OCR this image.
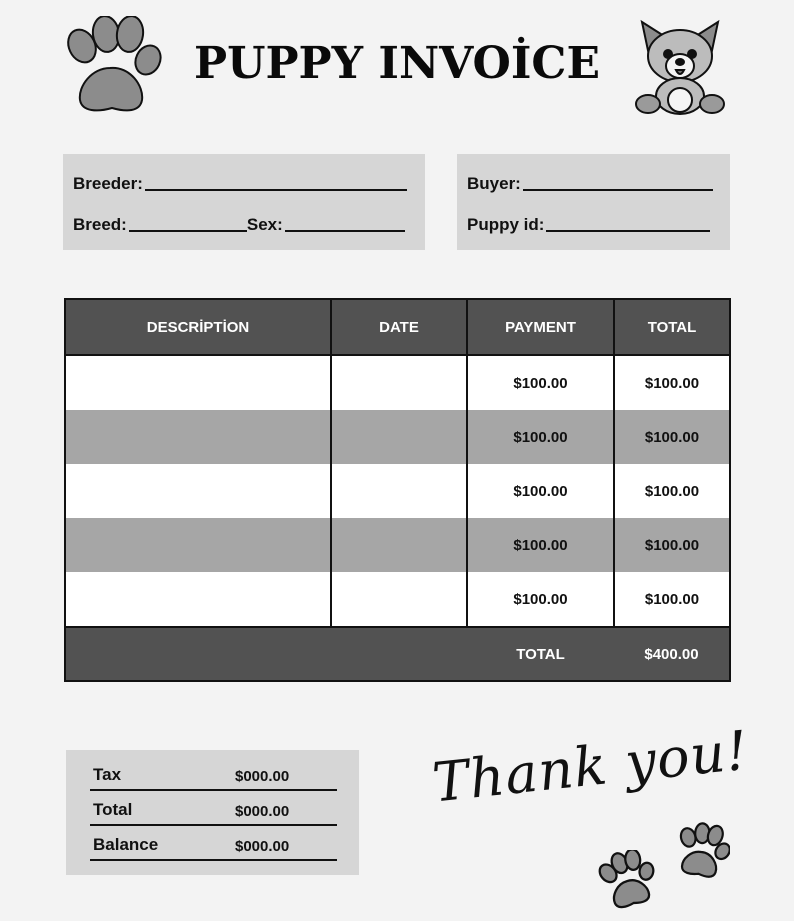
PUPPY INVOİCE
Breeder:
Breed:	Sex:
Buyer:
Puppy id:
DESCRİPTİON	DATE	PAYMENT	TOTAL
		$100.00	$100.00
		$100.00	$100.00
		$100.00	$100.00
		$100.00	$100.00
		$100.00	$100.00
		TOTAL	$400.00
Tax	$000.00
Total	$000.00
Balance	$000.00
Thank you!
